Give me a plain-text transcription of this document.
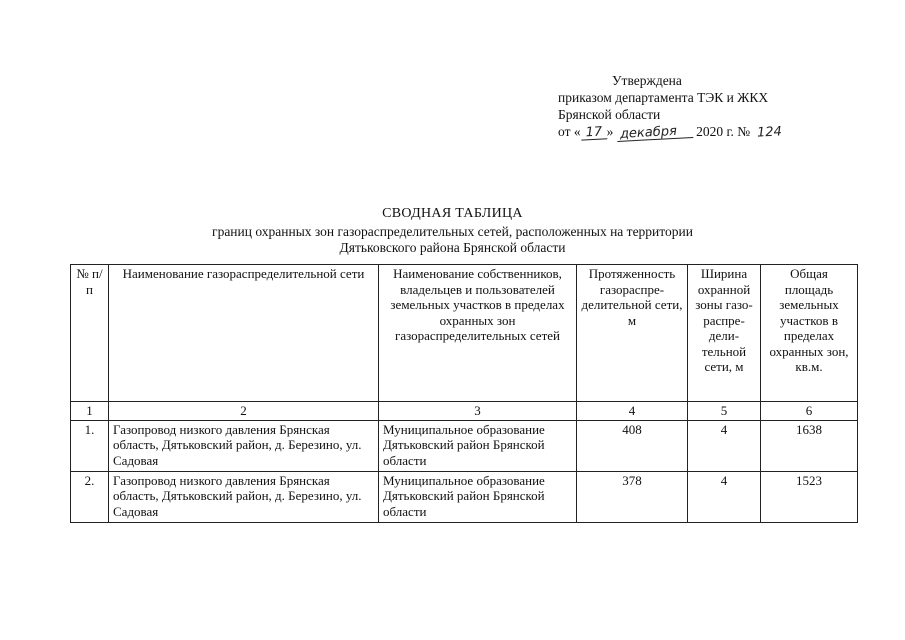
Утверждена
приказом департамента ТЭК и ЖКХ
Брянской области
от « 17 » декабря 2020 г. № 124
СВОДНАЯ ТАБЛИЦА
границ охранных зон газораспределительных сетей, расположенных на территории
Дятьковского района Брянской области
№ п/п	Наименование газораспределительной сети	Наименование собственников, владельцев и пользователей земельных участков в пределах охранных зон газораспределительных сетей	Протяженность газораспре-делительной сети, м	Ширина охранной зоны газо-распре-дели-тельной сети, м	Общая площадь земельных участков в пределах охранных зон, кв.м.
1	2	3	4	5	6
1.	Газопровод низкого давления Брянская область, Дятьковский район, д. Березино, ул. Садовая	Муниципальное образование Дятьковский район Брянской области	408	4	1638
2.	Газопровод низкого давления Брянская область, Дятьковский район, д. Березино, ул. Садовая	Муниципальное образование Дятьковский район Брянской области	378	4	1523
